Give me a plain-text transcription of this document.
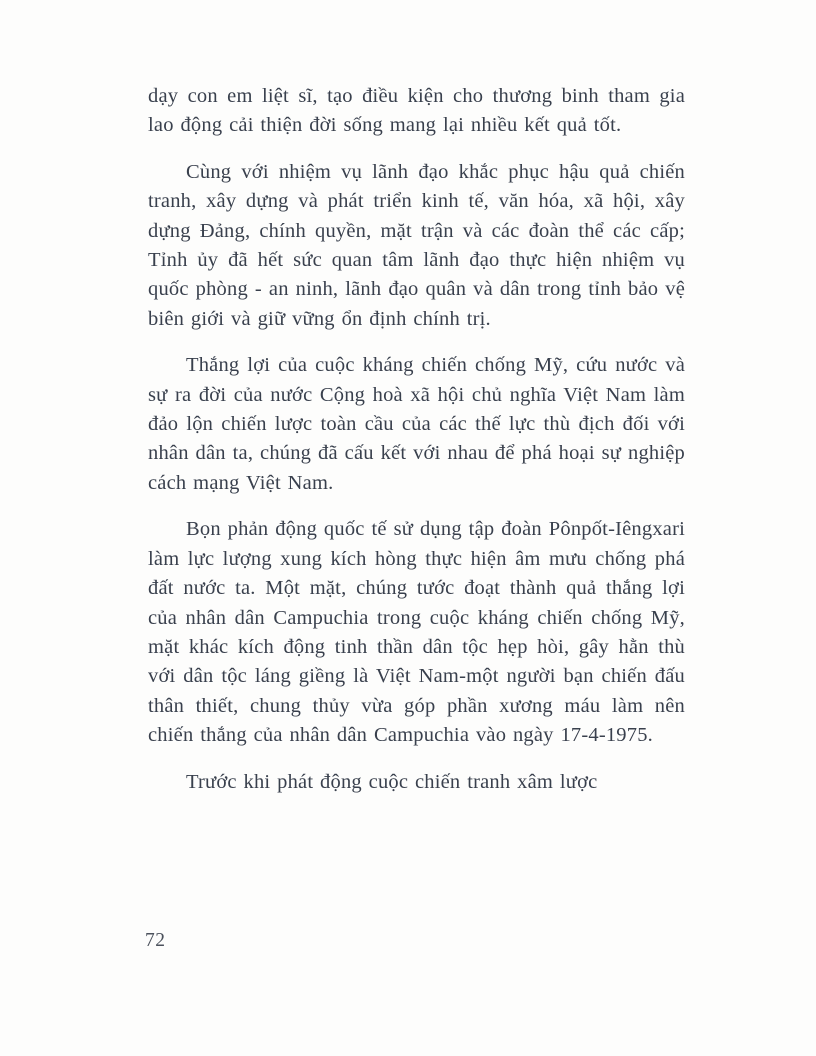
dạy con em liệt sĩ, tạo điều kiện cho thương binh tham gia lao động cải thiện đời sống mang lại nhiều kết quả tốt.

Cùng với nhiệm vụ lãnh đạo khắc phục hậu quả chiến tranh, xây dựng và phát triển kinh tế, văn hóa, xã hội, xây dựng Đảng, chính quyền, mặt trận và các đoàn thể các cấp; Tỉnh ủy đã hết sức quan tâm lãnh đạo thực hiện nhiệm vụ quốc phòng - an ninh, lãnh đạo quân và dân trong tỉnh bảo vệ biên giới và giữ vững ổn định chính trị.

Thắng lợi của cuộc kháng chiến chống Mỹ, cứu nước và sự ra đời của nước Cộng hoà xã hội chủ nghĩa Việt Nam làm đảo lộn chiến lược toàn cầu của các thế lực thù địch đối với nhân dân ta, chúng đã cấu kết với nhau để phá hoại sự nghiệp cách mạng Việt Nam.

Bọn phản động quốc tế sử dụng tập đoàn Pônpốt-Iêngxari làm lực lượng xung kích hòng thực hiện âm mưu chống phá đất nước ta. Một mặt, chúng tước đoạt thành quả thắng lợi của nhân dân Campuchia trong cuộc kháng chiến chống Mỹ, mặt khác kích động tinh thần dân tộc hẹp hòi, gây hằn thù với dân tộc láng giềng là Việt Nam-một người bạn chiến đấu thân thiết, chung thủy vừa góp phần xương máu làm nên chiến thắng của nhân dân Campuchia vào ngày 17-4-1975.

Trước khi phát động cuộc chiến tranh xâm lược

72
